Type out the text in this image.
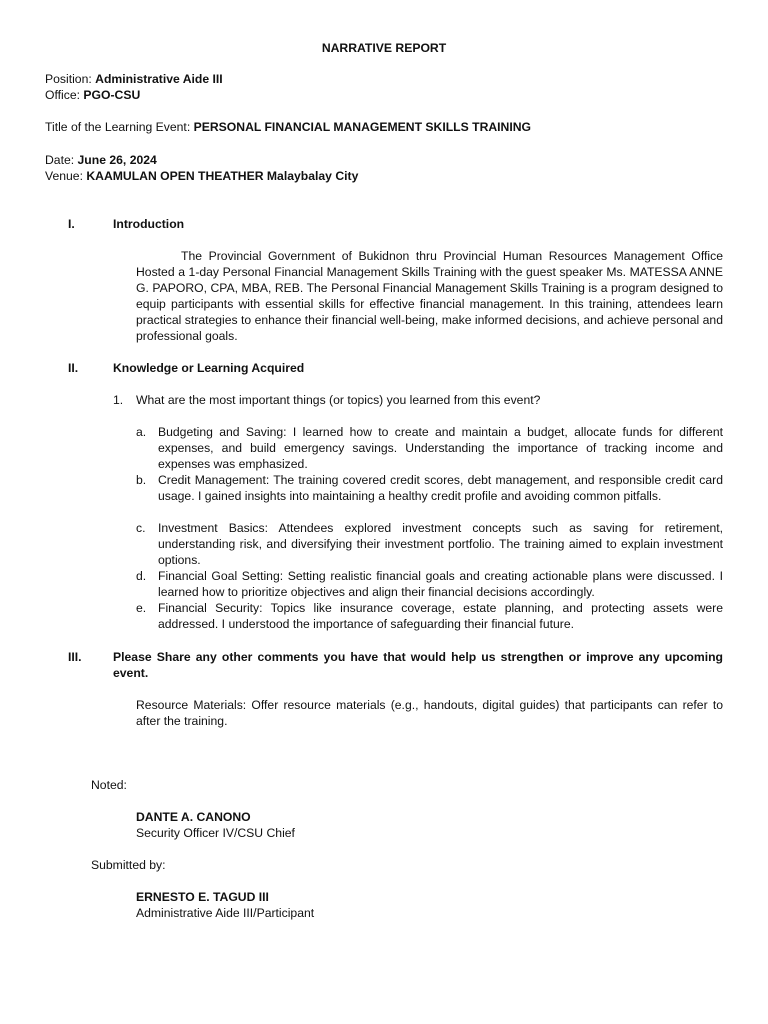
NARRATIVE REPORT
Position: Administrative Aide III
Office: PGO-CSU
Title of the Learning Event: PERSONAL FINANCIAL MANAGEMENT SKILLS TRAINING
Date: June 26, 2024
Venue: KAAMULAN OPEN THEATHER Malaybalay City
I.	Introduction
The Provincial Government of Bukidnon thru Provincial Human Resources Management Office Hosted a 1-day Personal Financial Management Skills Training with the guest speaker Ms. MATESSA ANNE G. PAPORO, CPA, MBA, REB. The Personal Financial Management Skills Training is a program designed to equip participants with essential skills for effective financial management. In this training, attendees learn practical strategies to enhance their financial well-being, make informed decisions, and achieve personal and professional goals.
II.	Knowledge or Learning Acquired
1. What are the most important things (or topics) you learned from this event?
a. Budgeting and Saving: I learned how to create and maintain a budget, allocate funds for different expenses, and build emergency savings. Understanding the importance of tracking income and expenses was emphasized.
b. Credit Management: The training covered credit scores, debt management, and responsible credit card usage. I gained insights into maintaining a healthy credit profile and avoiding common pitfalls.
c. Investment Basics: Attendees explored investment concepts such as saving for retirement, understanding risk, and diversifying their investment portfolio. The training aimed to explain investment options.
d. Financial Goal Setting: Setting realistic financial goals and creating actionable plans were discussed. I learned how to prioritize objectives and align their financial decisions accordingly.
e. Financial Security: Topics like insurance coverage, estate planning, and protecting assets were addressed. I understood the importance of safeguarding their financial future.
III.	Please Share any other comments you have that would help us strengthen or improve any upcoming event.
Resource Materials: Offer resource materials (e.g., handouts, digital guides) that participants can refer to after the training.
Noted:
DANTE A. CANONO
Security Officer IV/CSU Chief
Submitted by:
ERNESTO E. TAGUD III
Administrative Aide III/Participant
